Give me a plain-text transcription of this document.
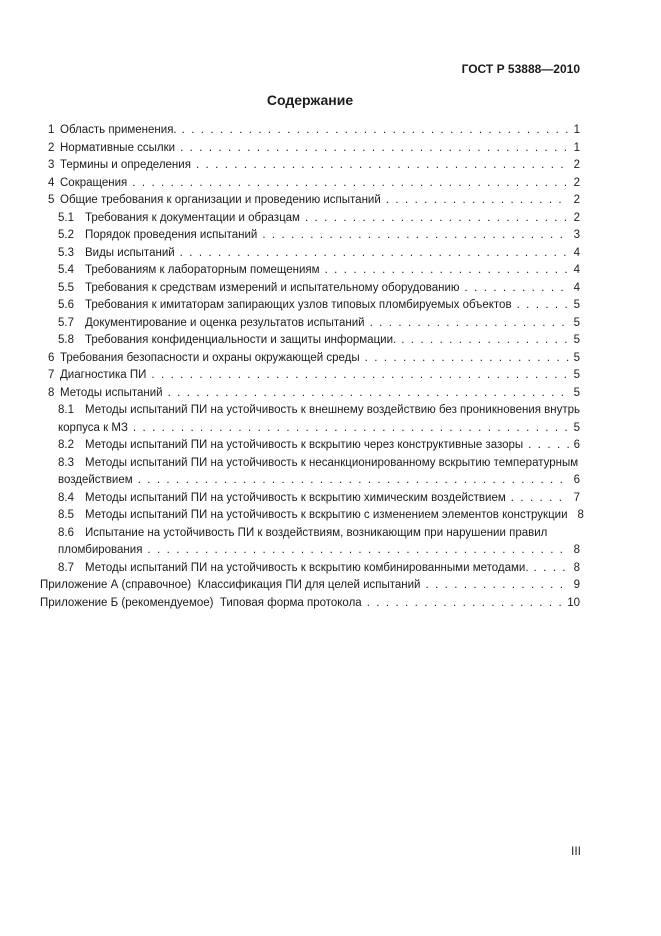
ГОСТ Р 53888—2010
Содержание
1 Область применения. . . .	1
2 Нормативные ссылки . . .	1
3 Термины и определения . . .	2
4 Сокращения . . .	2
5 Общие требования к организации и проведению испытаний . . .	2
5.1 Требования к документации и образцам . . .	2
5.2 Порядок проведения испытаний . . .	3
5.3 Виды испытаний . . .	4
5.4 Требованиям к лабораторным помещениям . . .	4
5.5 Требования к средствам измерений и испытательному оборудованию . . .	4
5.6 Требования к имитаторам запирающих узлов типовых пломбируемых объектов . . .	5
5.7 Документирование и оценка результатов испытаний . . .	5
5.8 Требования конфиденциальности и защиты информации. . . .	5
6 Требования безопасности и охраны окружающей среды . . .	5
7 Диагностика ПИ . . .	5
8 Методы испытаний . . .	5
8.1 Методы испытаний ПИ на устойчивость к внешнему воздействию без проникновения внутрь
корпуса к МЗ . . .	5
8.2 Методы испытаний ПИ на устойчивость к вскрытию через конструктивные зазоры . . .	6
8.3 Методы испытаний ПИ на устойчивость к несанкционированному вскрытию температурным
воздействием . . .	6
8.4 Методы испытаний ПИ на устойчивость к вскрытию химическим воздействием . . .	7
8.5 Методы испытаний ПИ на устойчивость к вскрытию с изменением элементов конструкции 8
8.6 Испытание на устойчивость ПИ к воздействиям, возникающим при нарушении правил
пломбирования . . .	8
8.7 Методы испытаний ПИ на устойчивость к вскрытию комбинированными методами. . . .	8
Приложение А (справочное)  Классификация ПИ для целей испытаний . . .	9
Приложение Б (рекомендуемое)  Типовая форма протокола . . .	10
III
